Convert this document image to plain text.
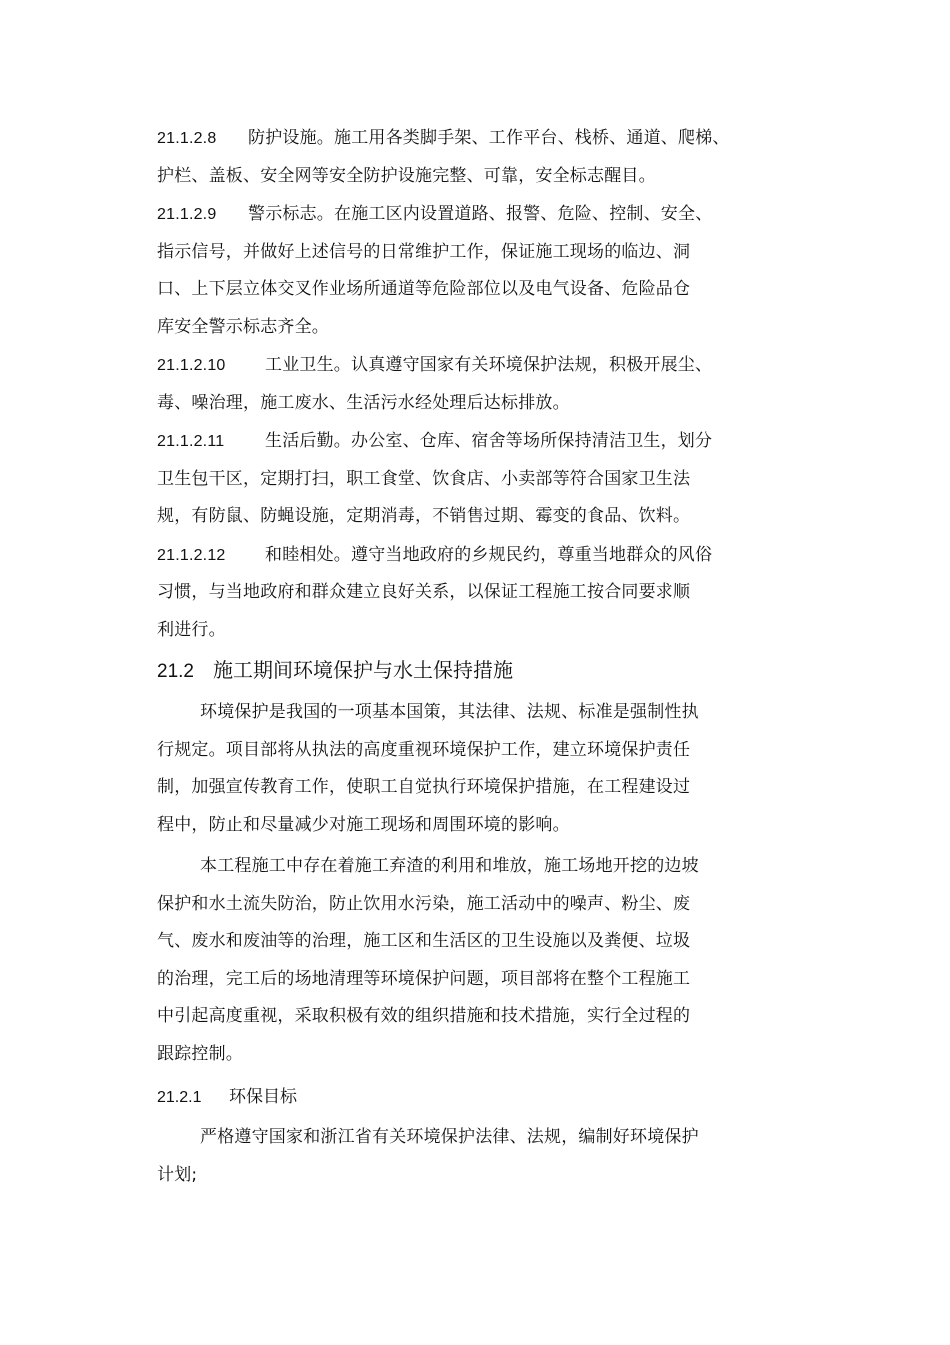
21.1.2.8 防护设施。施工用各类脚手架、工作平台、栈桥、通道、爬梯、
护栏、盖板、安全网等安全防护设施完整、可靠，安全标志醒目。

21.1.2.9 警示标志。在施工区内设置道路、报警、危险、控制、安全、
指示信号，并做好上述信号的日常维护工作，保证施工现场的临边、洞
口、上下层立体交叉作业场所通道等危险部位以及电气设备、危险品仓
库安全警示标志齐全。

21.1.2.10 工业卫生。认真遵守国家有关环境保护法规，积极开展尘、
毒、噪治理，施工废水、生活污水经处理后达标排放。

21.1.2.11 生活后勤。办公室、仓库、宿舍等场所保持清洁卫生，划分
卫生包干区，定期打扫，职工食堂、饮食店、小卖部等符合国家卫生法
规，有防鼠、防蝇设施，定期消毒，不销售过期、霉变的食品、饮料。

21.1.2.12 和睦相处。遵守当地政府的乡规民约，尊重当地群众的风俗
习惯，与当地政府和群众建立良好关系，以保证工程施工按合同要求顺
利进行。

21.2 施工期间环境保护与水土保持措施

环境保护是我国的一项基本国策，其法律、法规、标准是强制性执
行规定。项目部将从执法的高度重视环境保护工作，建立环境保护责任
制，加强宣传教育工作，使职工自觉执行环境保护措施，在工程建设过
程中，防止和尽量减少对施工现场和周围环境的影响。

本工程施工中存在着施工弃渣的利用和堆放，施工场地开挖的边坡
保护和水土流失防治，防止饮用水污染，施工活动中的噪声、粉尘、废
气、废水和废油等的治理，施工区和生活区的卫生设施以及粪便、垃圾
的治理，完工后的场地清理等环境保护问题，项目部将在整个工程施工
中引起高度重视，采取积极有效的组织措施和技术措施，实行全过程的
跟踪控制。

21.2.1 环保目标

严格遵守国家和浙江省有关环境保护法律、法规，编制好环境保护
计划;
